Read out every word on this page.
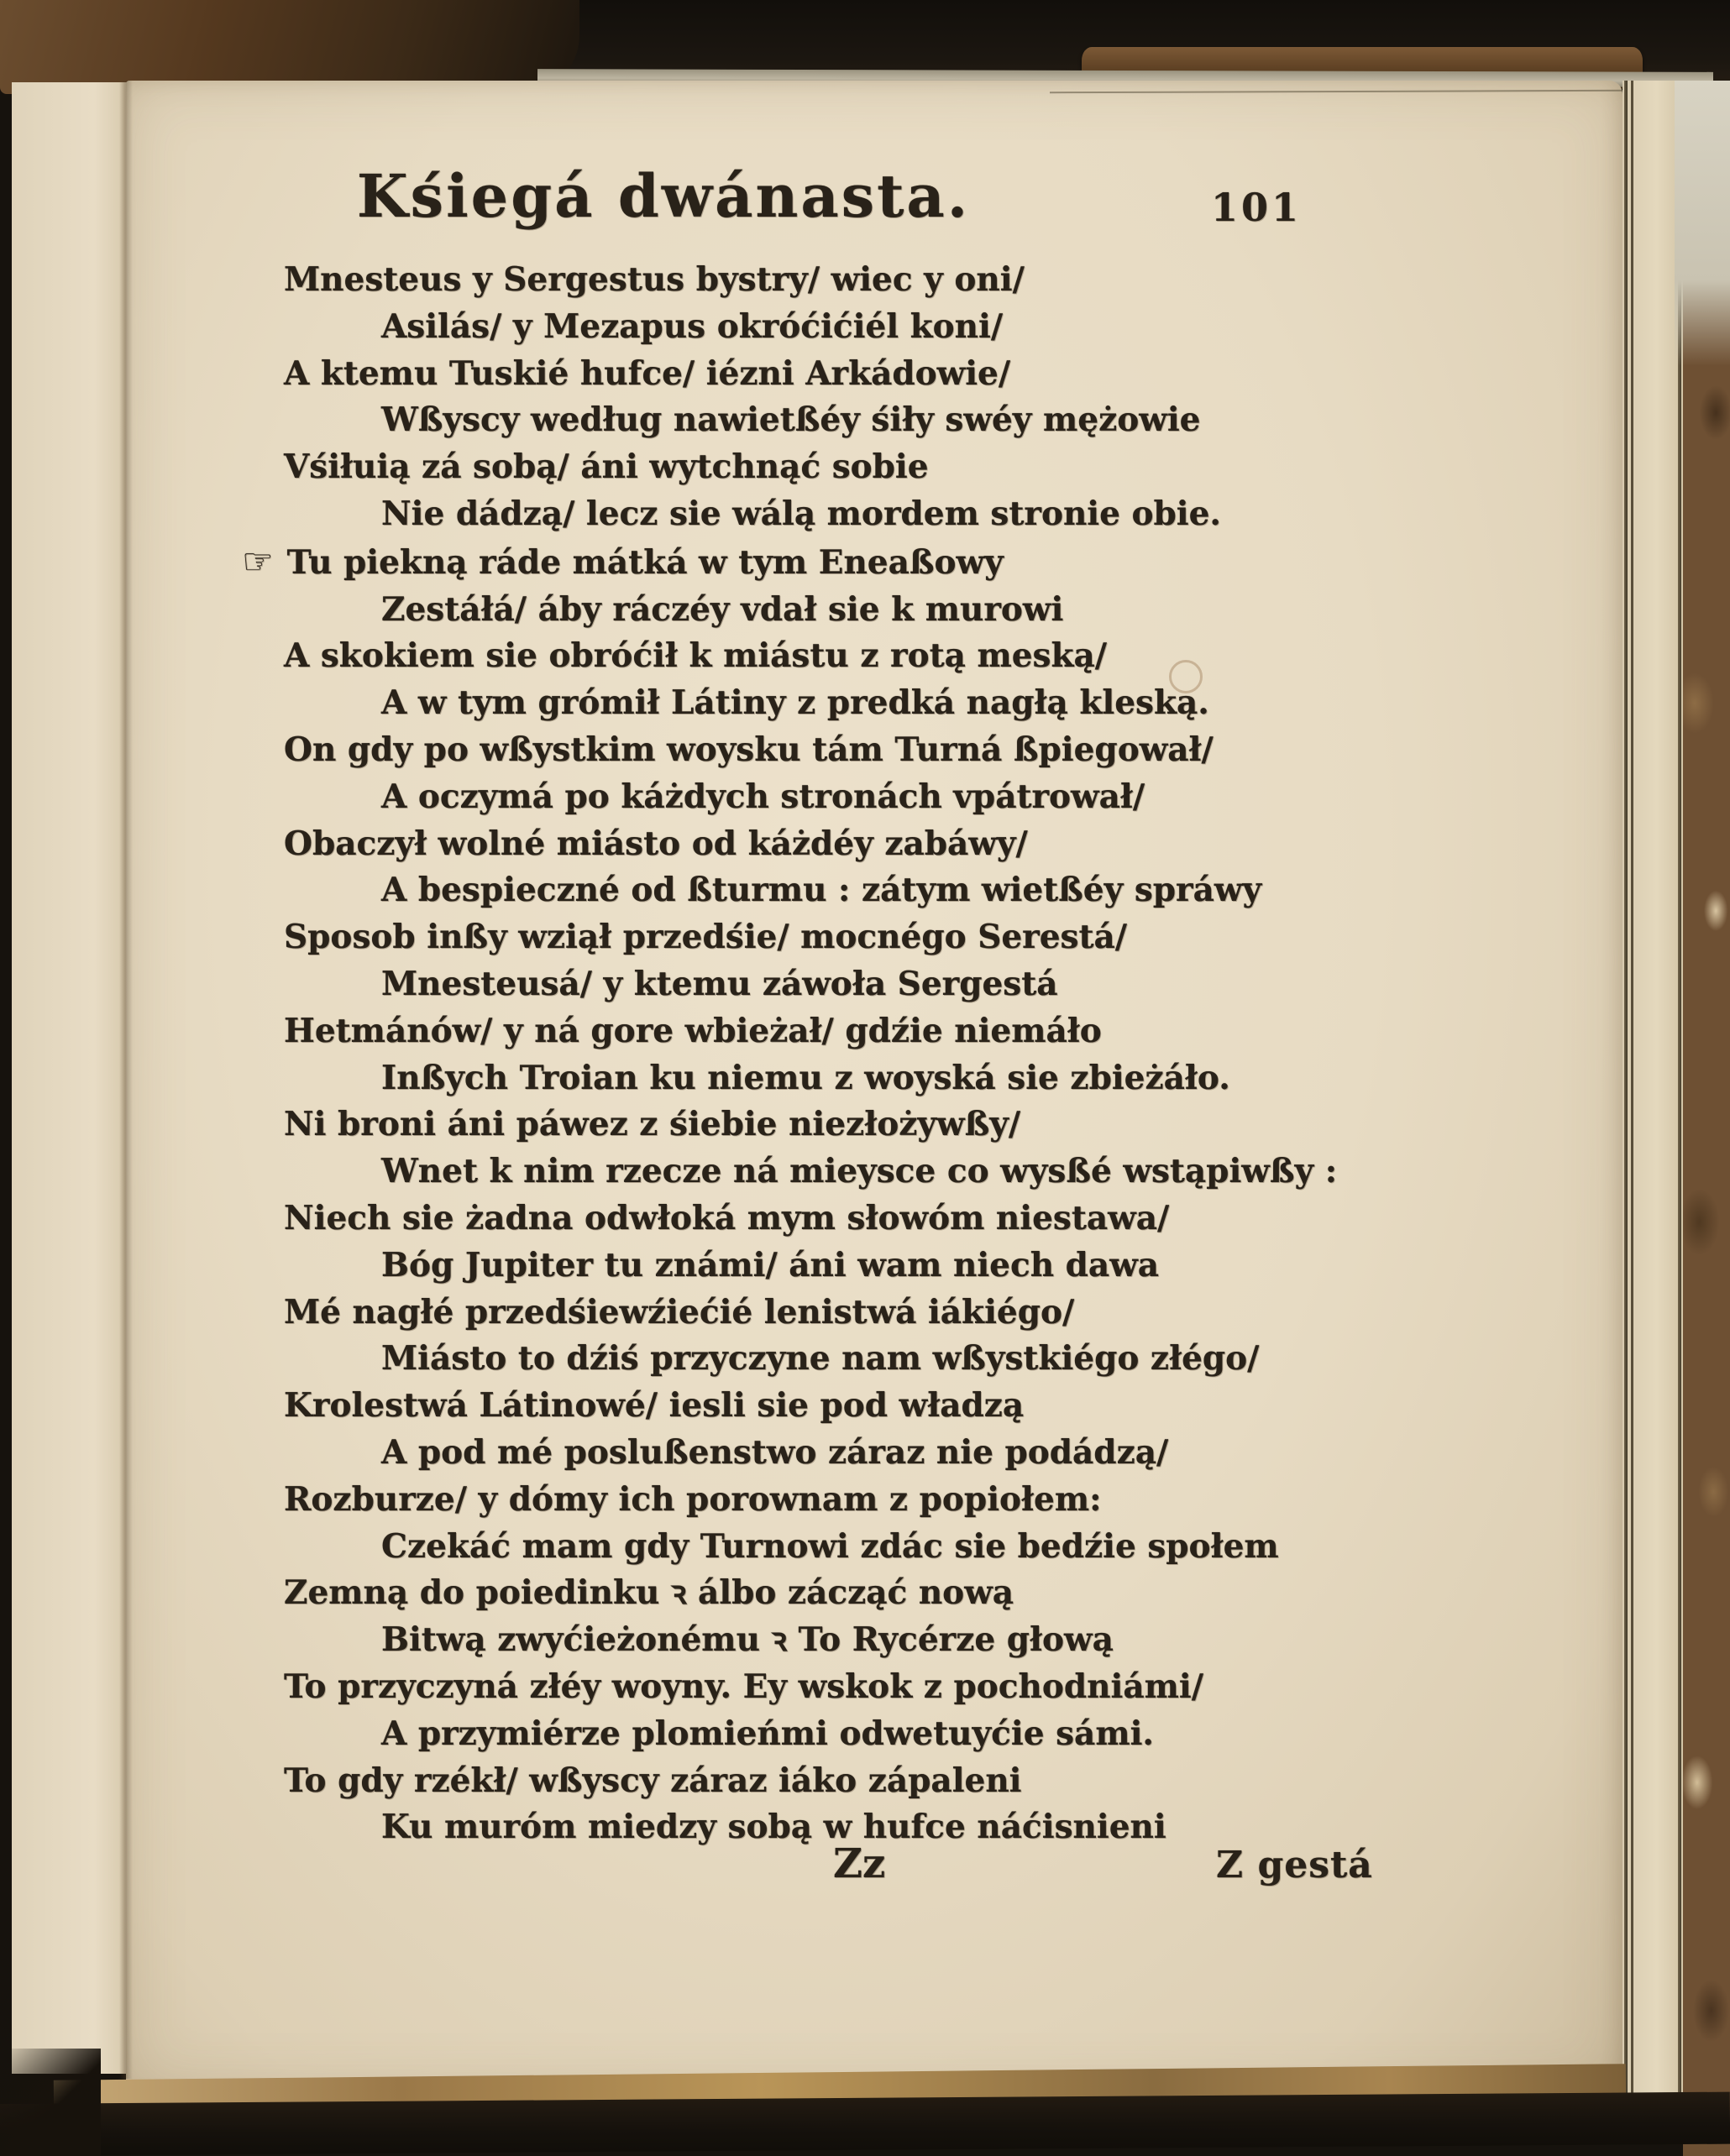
Kśiegá dwánasta.	101
Mnesteus y Sergestus bystry/ wiec y oni/
Asilás/ y Mezapus okróćićiél koni/
A ktemu Tuskié hufce/ iézni Arkádowie/
Wßyscy według nawietßéy śiły swéy mężowie
Vśiłuią zá sobą/ áni wytchnąć sobie
Nie dádzą/ lecz sie wálą mordem stronie obie.
☞ Tu piekną ráde mátká w tym Eneaßowy
Zestáłá/ áby ráczéy vdał sie k murowi
A skokiem sie obróćił k miástu z rotą meską/
A w tym grómił Látiny z predká nagłą kleską.
On gdy po wßystkim woysku tám Turná ßpiegował/
A oczymá po káżdych stronách vpátrował/
Obaczył wolné miásto od káżdéy zabáwy/
A bespieczné od ßturmu : zátym wietßéy spráwy
Sposob inßy wziął przedśie/ mocnégo Serestá/
Mnesteusá/ y ktemu záwoła Sergestá
Hetmánów/ y ná gore wbieżał/ gdźie niemáło
Inßych Troian ku niemu z woyská sie zbieżáło.
Ni broni áni páwez z śiebie niezłożywßy/
Wnet k nim rzecze ná mieysce co wysßé wstąpiwßy :
Niech sie żadna odwłoká mym słowóm niestawa/
Bóg Jupiter tu známi/ áni wam niech dawa
Mé nagłé przedśiewźiećié lenistwá iákiégo/
Miásto to dźiś przyczyne nam wßystkiégo złégo/
Krolestwá Látinowé/ iesli sie pod władzą
A pod mé poslußenstwo záraz nie podádzą/
Rozburze/ y dómy ich porownam z popiołem:
Czekáć mam gdy Turnowi zdác sie bedźie społem
Zemną do poiedinku ꝛ álbo zácząć nową
Bitwą zwyćieżonému ꝛ To Rycérze głową
To przyczyná złéy woyny. Ey wskok z pochodniámi/
A przymiérze plomieńmi odwetuyćie sámi.
To gdy rzékł/ wßyscy záraz iáko zápaleni
Ku muróm miedzy sobą w hufce náćisnieni
Zz	Z gestá
